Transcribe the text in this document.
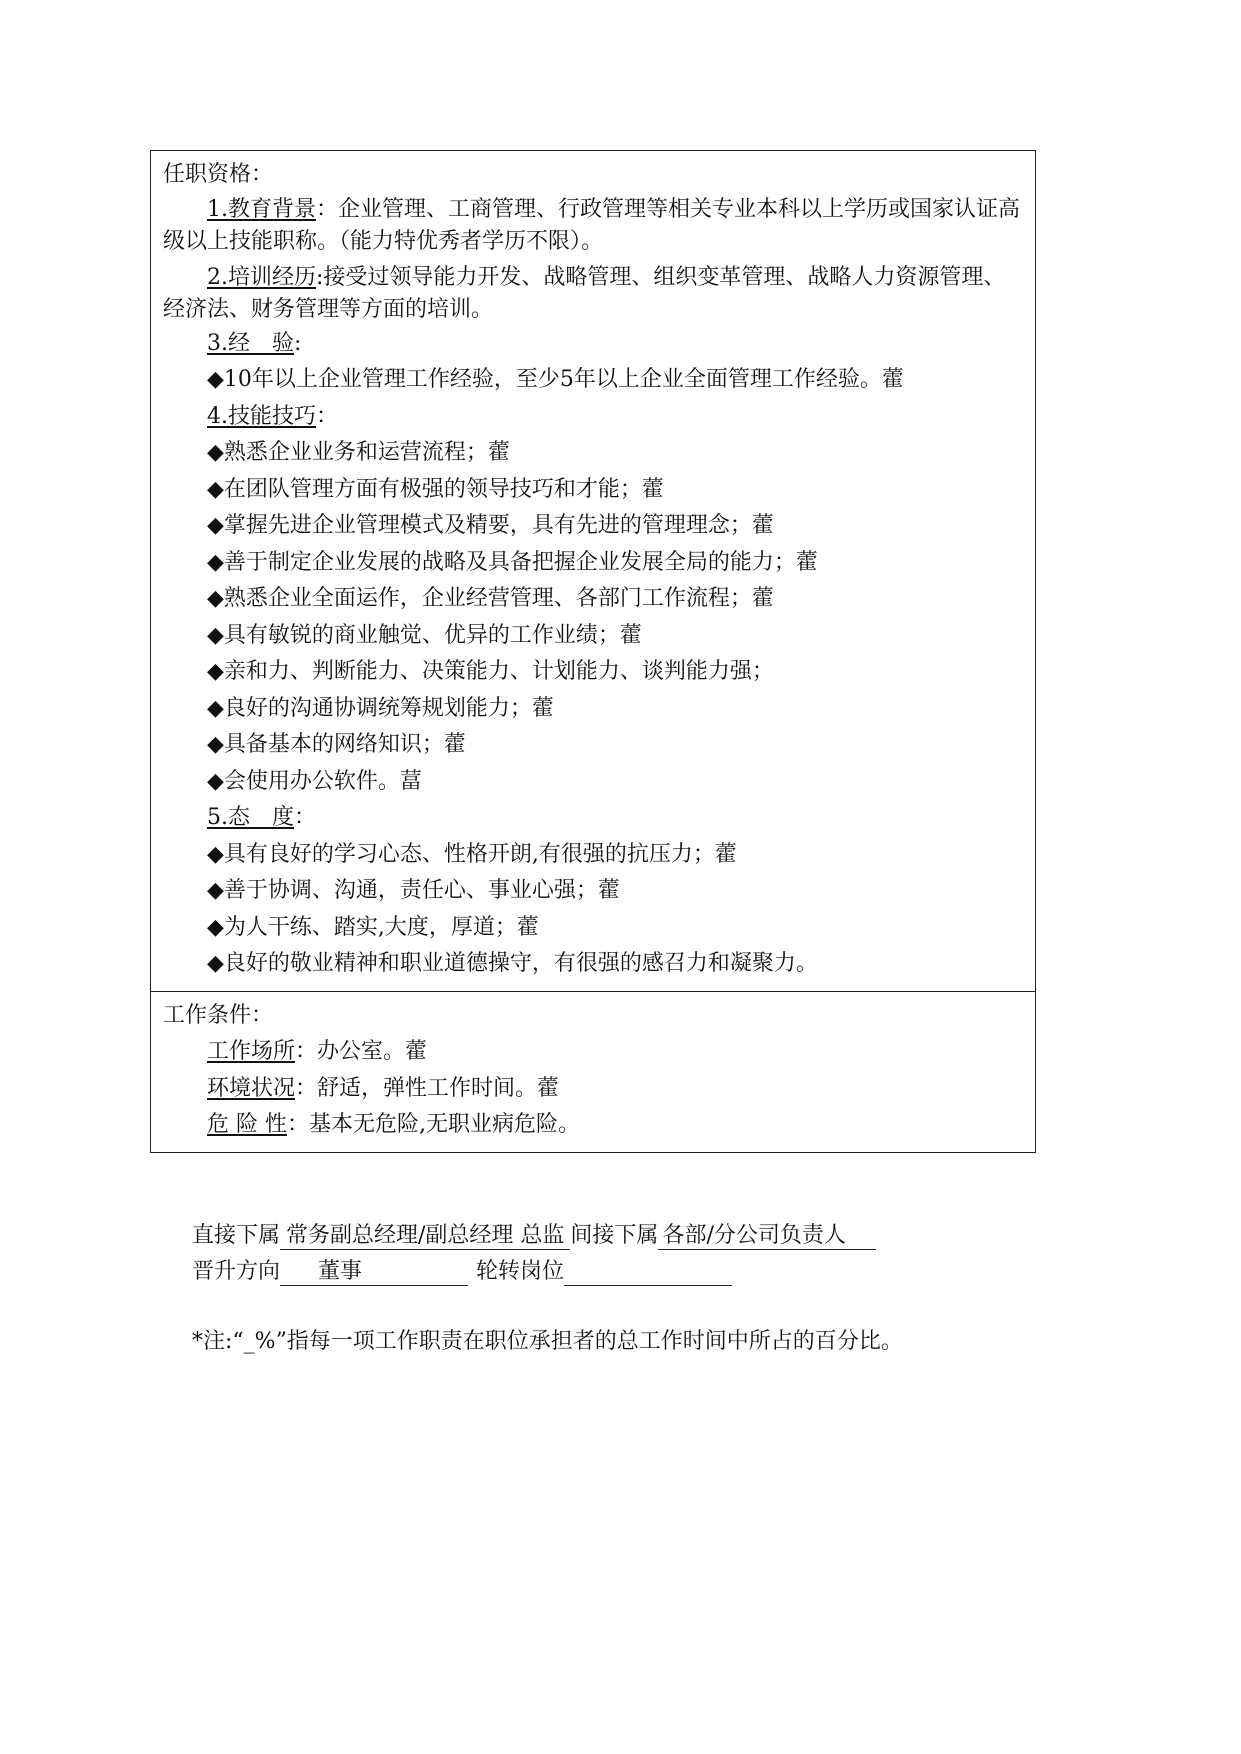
任职资格：
1.教育背景：企业管理、工商管理、行政管理等相关专业本科以上学历或国家认证高级以上技能职称。（能力特优秀者学历不限）。
2.培训经历:接受过领导能力开发、战略管理、组织变革管理、战略人力资源管理、经济法、财务管理等方面的培训。
3.经　验:
◆10年以上企业管理工作经验，至少5年以上企业全面管理工作经验。藿
4.技能技巧：
◆熟悉企业业务和运营流程；藿
◆在团队管理方面有极强的领导技巧和才能；藿
◆掌握先进企业管理模式及精要，具有先进的管理理念；藿
◆善于制定企业发展的战略及具备把握企业发展全局的能力；藿
◆熟悉企业全面运作，企业经营管理、各部门工作流程；藿
◆具有敏锐的商业触觉、优异的工作业绩；藿
◆亲和力、判断能力、决策能力、计划能力、谈判能力强；
◆良好的沟通协调统筹规划能力；藿
◆具备基本的网络知识；藿
◆会使用办公软件。葍
5.态　度：
◆具有良好的学习心态、性格开朗,有很强的抗压力；藿
◆善于协调、沟通，责任心、事业心强；藿
◆为人干练、踏实,大度，厚道；藿
◆良好的敬业精神和职业道德操守，有很强的感召力和凝聚力。
工作条件：
工作场所：办公室。藿
环境状况：舒适，弹性工作时间。藿
危 险 性：基本无危险,无职业病危险。
直接下属 常务副总经理/副总经理 总监 间接下属 各部/分公司负责人
晋升方向 董事	轮转岗位
*注:“_%”指每一项工作职责在职位承担者的总工作时间中所占的百分比。
